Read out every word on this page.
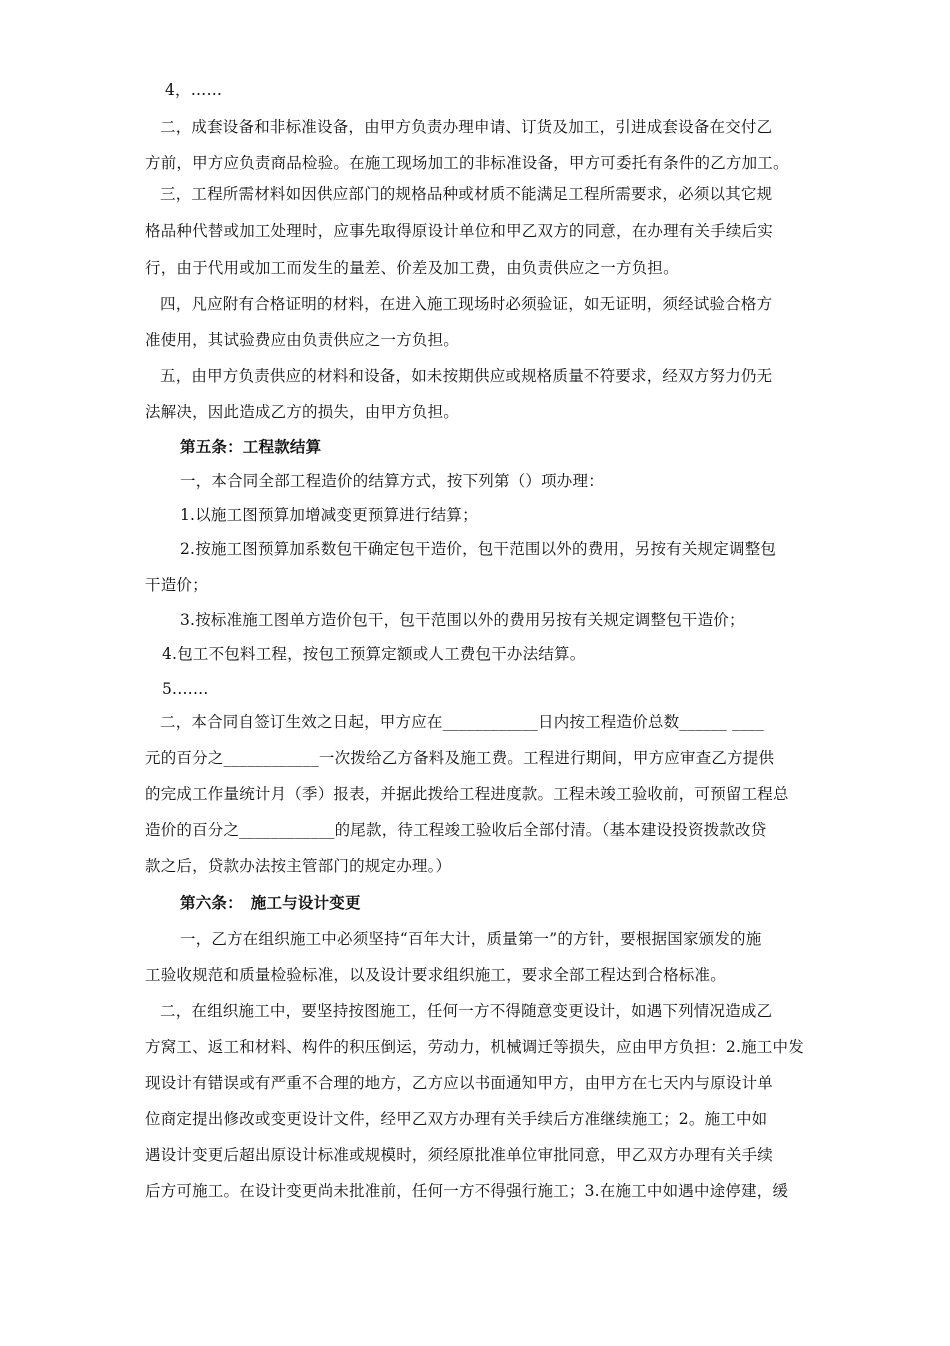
4，……
二，成套设备和非标准设备，由甲方负责办理申请、订货及加工，引进成套设备在交付乙
方前，甲方应负责商品检验。在施工现场加工的非标准设备，甲方可委托有条件的乙方加工。
三，工程所需材料如因供应部门的规格品种或材质不能满足工程所需要求，必须以其它规
格品种代替或加工处理时，应事先取得原设计单位和甲乙双方的同意，在办理有关手续后实
行，由于代用或加工而发生的量差、价差及加工费，由负责供应之一方负担。
四，凡应附有合格证明的材料，在进入施工现场时必须验证，如无证明，须经试验合格方
准使用，其试验费应由负责供应之一方负担。
五，由甲方负责供应的材料和设备，如未按期供应或规格质量不符要求，经双方努力仍无
法解决，因此造成乙方的损失，由甲方负担。
第五条：工程款结算
一，本合同全部工程造价的结算方式，按下列第（）项办理：
1.以施工图预算加增减变更预算进行结算；
2.按施工图预算加系数包干确定包干造价，包干范围以外的费用，另按有关规定调整包
干造价；
3.按标准施工图单方造价包干，包干范围以外的费用另按有关规定调整包干造价；
4.包工不包料工程，按包工预算定额或人工费包干办法结算。
5.……
二，本合同自签订生效之日起，甲方应在____________日内按工程造价总数______ ____
元的百分之____________一次拨给乙方备料及施工费。工程进行期间，甲方应审查乙方提供
的完成工作量统计月（季）报表，并据此拨给工程进度款。工程未竣工验收前，可预留工程总
造价的百分之____________的尾款，待工程竣工验收后全部付清。（基本建设投资拨款改贷
款之后，贷款办法按主管部门的规定办理。）
第六条：　施工与设计变更
一，乙方在组织施工中必须坚持“百年大计，质量第一”的方针，要根据国家颁发的施
工验收规范和质量检验标准，以及设计要求组织施工，要求全部工程达到合格标准。
二，在组织施工中，要坚持按图施工，任何一方不得随意变更设计，如遇下列情况造成乙
方窝工、返工和材料、构件的积压倒运，劳动力，机械调迁等损失，应由甲方负担：2.施工中发
现设计有错误或有严重不合理的地方，乙方应以书面通知甲方，由甲方在七天内与原设计单
位商定提出修改或变更设计文件，经甲乙双方办理有关手续后方准继续施工；2。施工中如
遇设计变更后超出原设计标准或规模时，须经原批准单位审批同意，甲乙双方办理有关手续
后方可施工。在设计变更尚未批准前，任何一方不得强行施工；3.在施工中如遇中途停建，缓
